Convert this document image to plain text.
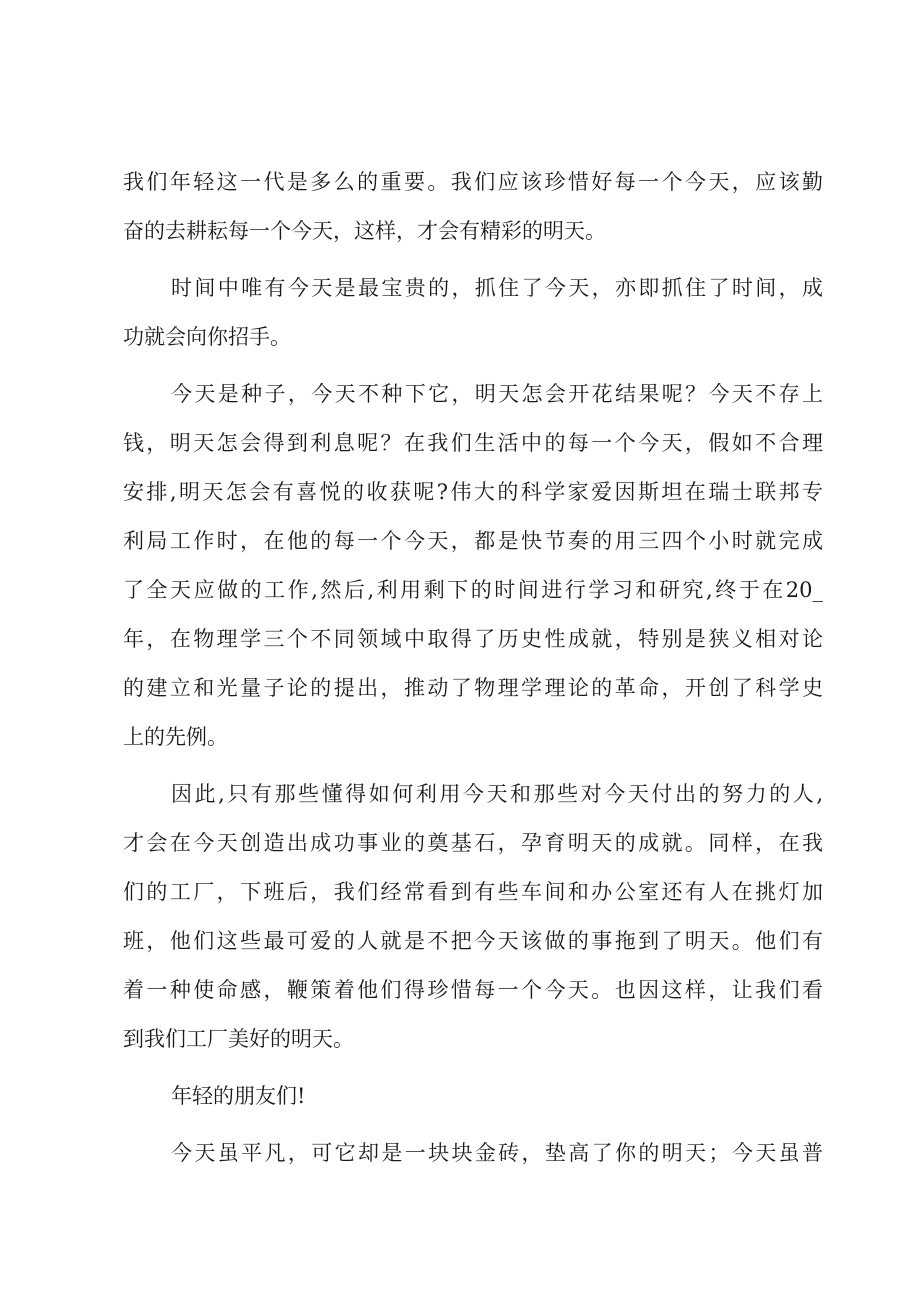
我们年轻这一代是多么的重要。我们应该珍惜好每一个今天，应该勤
奋的去耕耘每一个今天，这样，才会有精彩的明天。
时间中唯有今天是最宝贵的，抓住了今天，亦即抓住了时间，成
功就会向你招手。
今天是种子，今天不种下它，明天怎会开花结果呢？今天不存上
钱，明天怎会得到利息呢？在我们生活中的每一个今天，假如不合理
安排,明天怎会有喜悦的收获呢?伟大的科学家爱因斯坦在瑞士联邦专
利局工作时，在他的每一个今天，都是快节奏的用三四个小时就完成
了全天应做的工作,然后,利用剩下的时间进行学习和研究,终于在20_
年，在物理学三个不同领域中取得了历史性成就，特别是狭义相对论
的建立和光量子论的提出，推动了物理学理论的革命，开创了科学史
上的先例。
因此,只有那些懂得如何利用今天和那些对今天付出的努力的人,
才会在今天创造出成功事业的奠基石，孕育明天的成就。同样，在我
们的工厂，下班后，我们经常看到有些车间和办公室还有人在挑灯加
班，他们这些最可爱的人就是不把今天该做的事拖到了明天。他们有
着一种使命感，鞭策着他们得珍惜每一个今天。也因这样，让我们看
到我们工厂美好的明天。
年轻的朋友们!
今天虽平凡，可它却是一块块金砖，垫高了你的明天；今天虽普
